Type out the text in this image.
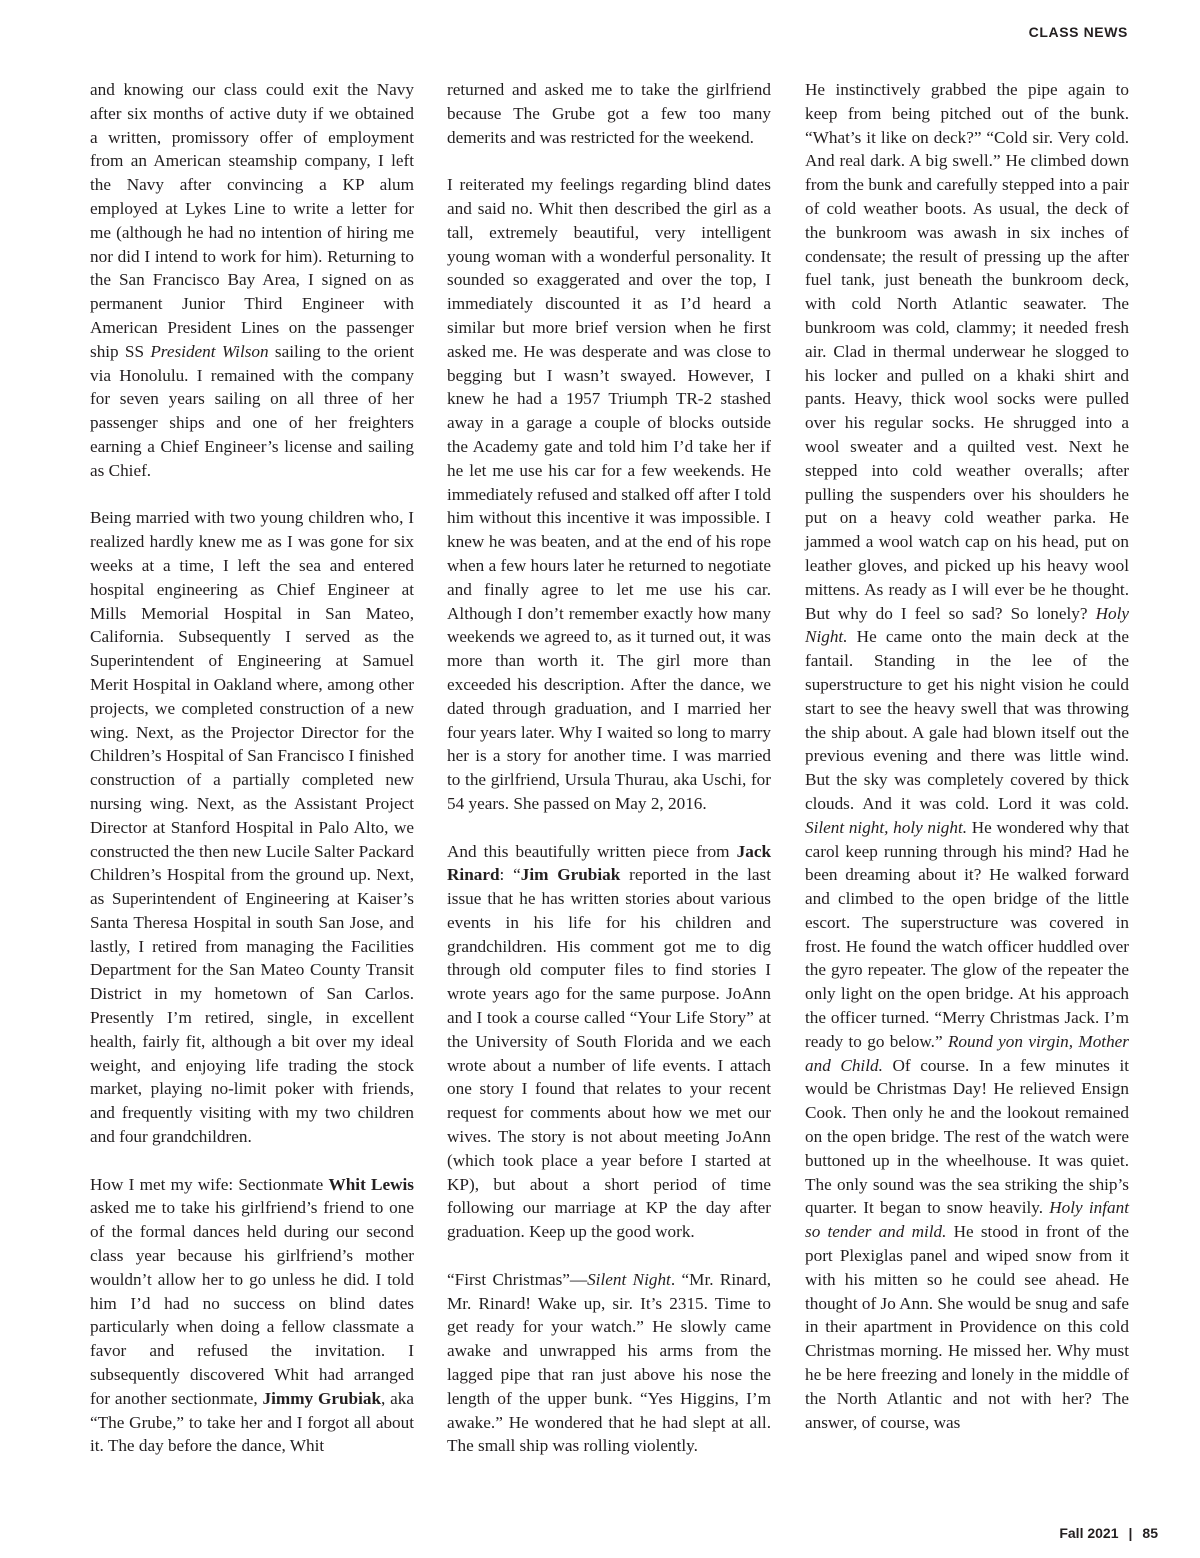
CLASS NEWS

and knowing our class could exit the Navy after six months of active duty if we obtained a written, promissory offer of employment from an American steamship company, I left the Navy after convincing a KP alum employed at Lykes Line to write a letter for me (although he had no intention of hiring me nor did I intend to work for him). Returning to the San Francisco Bay Area, I signed on as permanent Junior Third Engineer with American President Lines on the passenger ship SS President Wilson sailing to the orient via Honolulu. I remained with the company for seven years sailing on all three of her passenger ships and one of her freighters earning a Chief Engineer’s license and sailing as Chief.

Being married with two young children who, I realized hardly knew me as I was gone for six weeks at a time, I left the sea and entered hospital engineering as Chief Engineer at Mills Memorial Hospital in San Mateo, California. Subsequently I served as the Superintendent of Engineering at Samuel Merit Hospital in Oakland where, among other projects, we completed construction of a new wing. Next, as the Projector Director for the Children’s Hospital of San Francisco I finished construction of a partially completed new nursing wing. Next, as the Assistant Project Director at Stanford Hospital in Palo Alto, we constructed the then new Lucile Salter Packard Children’s Hospital from the ground up. Next, as Superintendent of Engineering at Kaiser’s Santa Theresa Hospital in south San Jose, and lastly, I retired from managing the Facilities Department for the San Mateo County Transit District in my hometown of San Carlos. Presently I’m retired, single, in excellent health, fairly fit, although a bit over my ideal weight, and enjoying life trading the stock market, playing no-limit poker with friends, and frequently visiting with my two children and four grandchildren.

How I met my wife: Sectionmate Whit Lewis asked me to take his girlfriend’s friend to one of the formal dances held during our second class year because his girlfriend’s mother wouldn’t allow her to go unless he did. I told him I’d had no success on blind dates particularly when doing a fellow classmate a favor and refused the invitation. I subsequently discovered Whit had arranged for another sectionmate, Jimmy Grubiak, aka “The Grube,” to take her and I forgot all about it. The day before the dance, Whit

returned and asked me to take the girlfriend because The Grube got a few too many demerits and was restricted for the weekend.

I reiterated my feelings regarding blind dates and said no. Whit then described the girl as a tall, extremely beautiful, very intelligent young woman with a wonderful personality. It sounded so exaggerated and over the top, I immediately discounted it as I’d heard a similar but more brief version when he first asked me. He was desperate and was close to begging but I wasn’t swayed. However, I knew he had a 1957 Triumph TR-2 stashed away in a garage a couple of blocks outside the Academy gate and told him I’d take her if he let me use his car for a few weekends. He immediately refused and stalked off after I told him without this incentive it was impossible. I knew he was beaten, and at the end of his rope when a few hours later he returned to negotiate and finally agree to let me use his car. Although I don’t remember exactly how many weekends we agreed to, as it turned out, it was more than worth it. The girl more than exceeded his description. After the dance, we dated through graduation, and I married her four years later. Why I waited so long to marry her is a story for another time. I was married to the girlfriend, Ursula Thurau, aka Uschi, for 54 years. She passed on May 2, 2016.

And this beautifully written piece from Jack Rinard: “Jim Grubiak reported in the last issue that he has written stories about various events in his life for his children and grandchildren. His comment got me to dig through old computer files to find stories I wrote years ago for the same purpose. JoAnn and I took a course called “Your Life Story” at the University of South Florida and we each wrote about a number of life events. I attach one story I found that relates to your recent request for comments about how we met our wives. The story is not about meeting JoAnn (which took place a year before I started at KP), but about a short period of time following our marriage at KP the day after graduation. Keep up the good work.

“First Christmas”—Silent Night. “Mr. Rinard, Mr. Rinard! Wake up, sir. It’s 2315. Time to get ready for your watch.” He slowly came awake and unwrapped his arms from the lagged pipe that ran just above his nose the length of the upper bunk. “Yes Higgins, I’m awake.” He wondered that he had slept at all. The small ship was rolling violently.

He instinctively grabbed the pipe again to keep from being pitched out of the bunk. “What’s it like on deck?” “Cold sir. Very cold. And real dark. A big swell.” He climbed down from the bunk and carefully stepped into a pair of cold weather boots. As usual, the deck of the bunkroom was awash in six inches of condensate; the result of pressing up the after fuel tank, just beneath the bunkroom deck, with cold North Atlantic seawater. The bunkroom was cold, clammy; it needed fresh air. Clad in thermal underwear he slogged to his locker and pulled on a khaki shirt and pants. Heavy, thick wool socks were pulled over his regular socks. He shrugged into a wool sweater and a quilted vest. Next he stepped into cold weather overalls; after pulling the suspenders over his shoulders he put on a heavy cold weather parka. He jammed a wool watch cap on his head, put on leather gloves, and picked up his heavy wool mittens. As ready as I will ever be he thought. But why do I feel so sad? So lonely? Holy Night. He came onto the main deck at the fantail. Standing in the lee of the superstructure to get his night vision he could start to see the heavy swell that was throwing the ship about. A gale had blown itself out the previous evening and there was little wind. But the sky was completely covered by thick clouds. And it was cold. Lord it was cold. Silent night, holy night. He wondered why that carol keep running through his mind? Had he been dreaming about it? He walked forward and climbed to the open bridge of the little escort. The superstructure was covered in frost. He found the watch officer huddled over the gyro repeater. The glow of the repeater the only light on the open bridge. At his approach the officer turned. “Merry Christmas Jack. I’m ready to go below.” Round yon virgin, Mother and Child. Of course. In a few minutes it would be Christmas Day! He relieved Ensign Cook. Then only he and the lookout remained on the open bridge. The rest of the watch were buttoned up in the wheelhouse. It was quiet. The only sound was the sea striking the ship’s quarter. It began to snow heavily. Holy infant so tender and mild. He stood in front of the port Plexiglas panel and wiped snow from it with his mitten so he could see ahead. He thought of Jo Ann. She would be snug and safe in their apartment in Providence on this cold Christmas morning. He missed her. Why must he be here freezing and lonely in the middle of the North Atlantic and not with her? The answer, of course, was

Fall 2021 | 85
